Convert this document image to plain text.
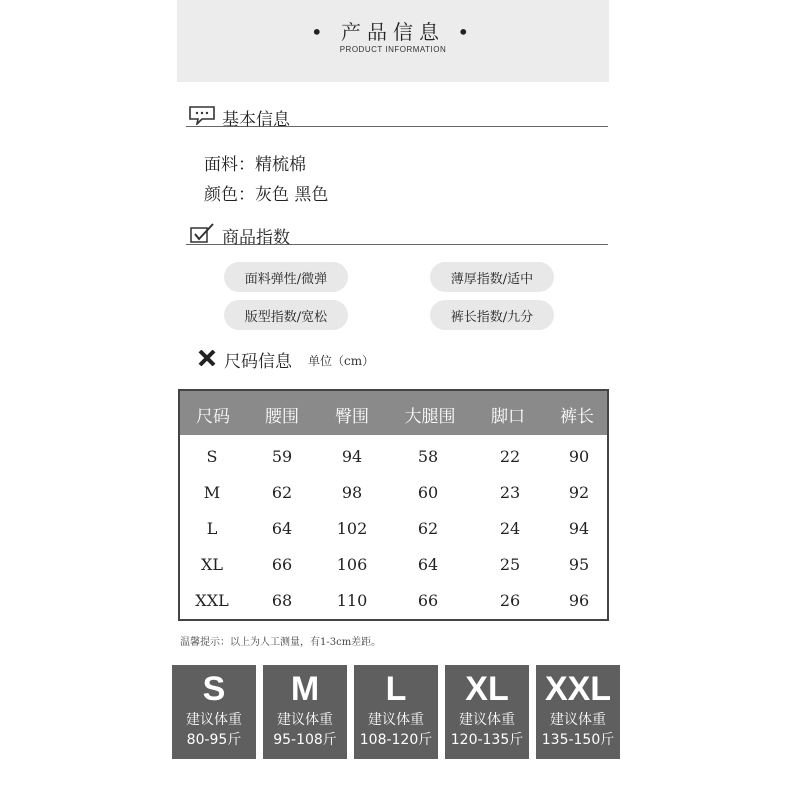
• 产品信息 •
PRODUCT INFORMATION
基本信息
面料：精梳棉
颜色：灰色 黑色
商品指数
面料弹性/微弹	薄厚指数/适中
版型指数/宽松	裤长指数/九分
尺码信息 单位（cm）
尺码 腰围 臀围 大腿围 脚口 裤长
S	59	94	58	22	90
M	62	98	60	23	92
L	64	102	62	24	94
XL	66	106	64	25	95
XXL	68	110	66	26	96
温馨提示：以上为人工测量，有1-3cm差距。
S
建议体重
80-95斤
M
建议体重
95-108斤
L
建议体重
108-120斤
XL
建议体重
120-135斤
XXL
建议体重
135-150斤
